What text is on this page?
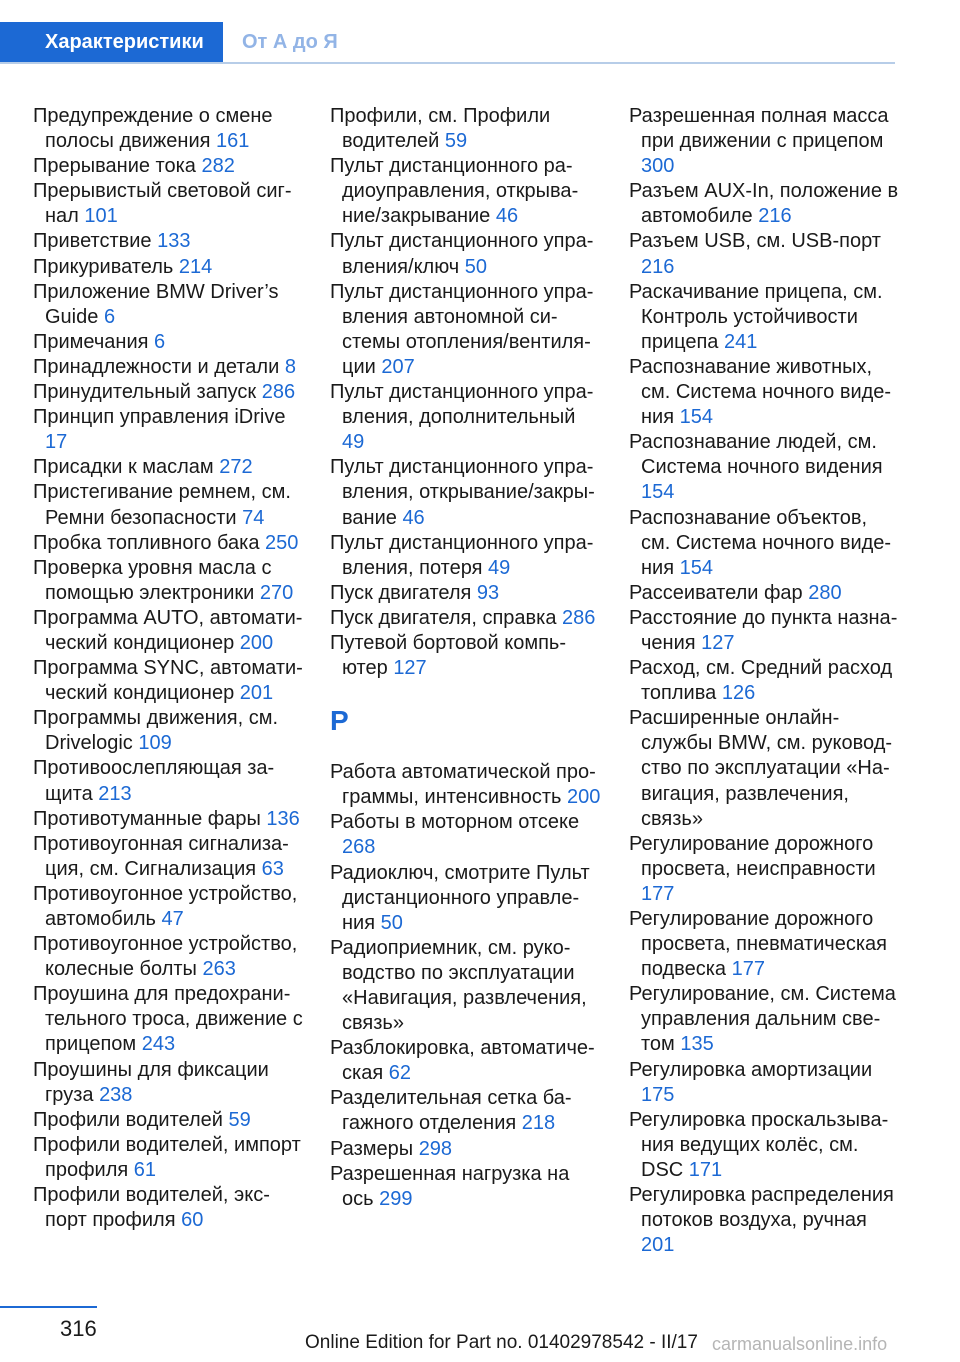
Характеристики	От А до Я
Предупреждение о смене полосы движения 161
Прерывание тока 282
Прерывистый световой сигнал 101
Приветствие 133
Прикуриватель 214
Приложение BMW Driver’s Guide 6
Примечания 6
Принадлежности и детали 8
Принудительный запуск 286
Принцип управления iDrive 17
Присадки к маслам 272
Пристегивание ремнем, см. Ремни безопасности 74
Пробка топливного бака 250
Проверка уровня масла с помощью электроники 270
Программа AUTO, автоматический кондиционер 200
Программа SYNC, автоматический кондиционер 201
Программы движения, см. Drivelogic 109
Противоослепляющая защита 213
Противотуманные фары 136
Противоугонная сигнализация, см. Сигнализация 63
Противоугонное устройство, автомобиль 47
Противоугонное устройство, колесные болты 263
Проушина для предохранительного троса, движение с прицепом 243
Проушины для фиксации груза 238
Профили водителей 59
Профили водителей, импорт профиля 61
Профили водителей, экспорт профиля 60
Профили, см. Профили водителей 59
Пульт дистанционного радиоуправления, открывание/закрывание 46
Пульт дистанционного управления/ключ 50
Пульт дистанционного управления автономной системы отопления/вентиляции 207
Пульт дистанционного управления, дополнительный 49
Пульт дистанционного управления, открывание/закрывание 46
Пульт дистанционного управления, потеря 49
Пуск двигателя 93
Пуск двигателя, справка 286
Путевой бортовой компьютер 127
Р
Работа автоматической программы, интенсивность 200
Работы в моторном отсеке 268
Радиоключ, смотрите Пульт дистанционного управления 50
Радиоприемник, см. руководство по эксплуатации «Навигация, развлечения, связь»
Разблокировка, автоматическая 62
Разделительная сетка багажного отделения 218
Размеры 298
Разрешенная нагрузка на ось 299
Разрешенная полная масса при движении с прицепом 300
Разъем AUX-In, положение в автомобиле 216
Разъем USB, см. USB-порт 216
Раскачивание прицепа, см. Контроль устойчивости прицепа 241
Распознавание животных, см. Система ночного видения 154
Распознавание людей, см. Система ночного видения 154
Распознавание объектов, см. Система ночного видения 154
Рассеиватели фар 280
Расстояние до пункта назначения 127
Расход, см. Средний расход топлива 126
Расширенные онлайн-службы BMW, см. руководство по эксплуатации «Навигация, развлечения, связь»
Регулирование дорожного просвета, неисправности 177
Регулирование дорожного просвета, пневматическая подвеска 177
Регулирование, см. Система управления дальним светом 135
Регулировка амортизации 175
Регулировка проскальзывания ведущих колёс, см. DSC 171
Регулировка распределения потоков воздуха, ручная 201
316
Online Edition for Part no. 01402978542 - II/17 carmanualsonline.info
